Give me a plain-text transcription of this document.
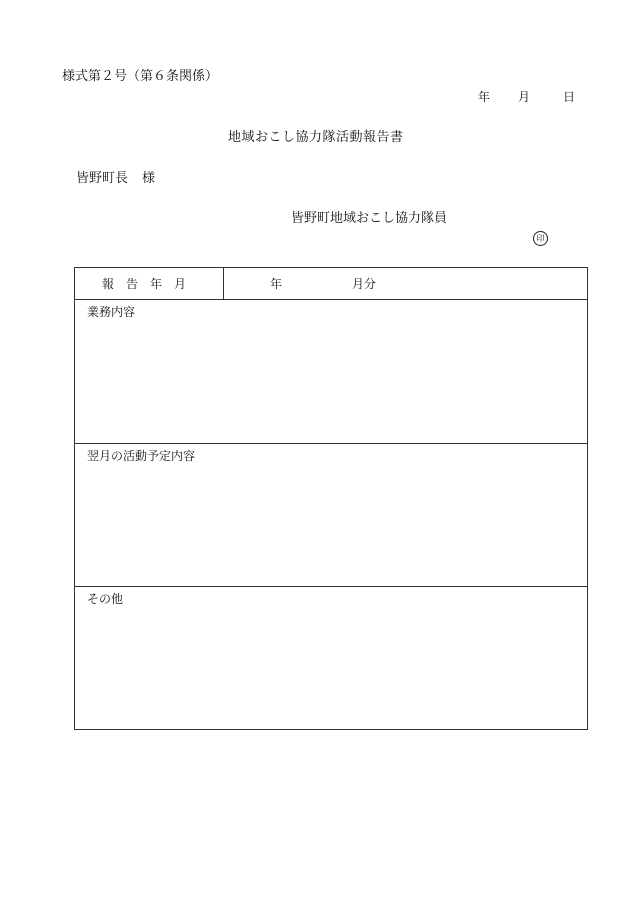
様式第２号（第６条関係）
年 月	日
地域おこし協力隊活動報告書
皆野町長 様
皆野町地域おこし協力隊員
印
報 告 年 月	年	月分
業務内容
翌月の活動予定内容
その他
